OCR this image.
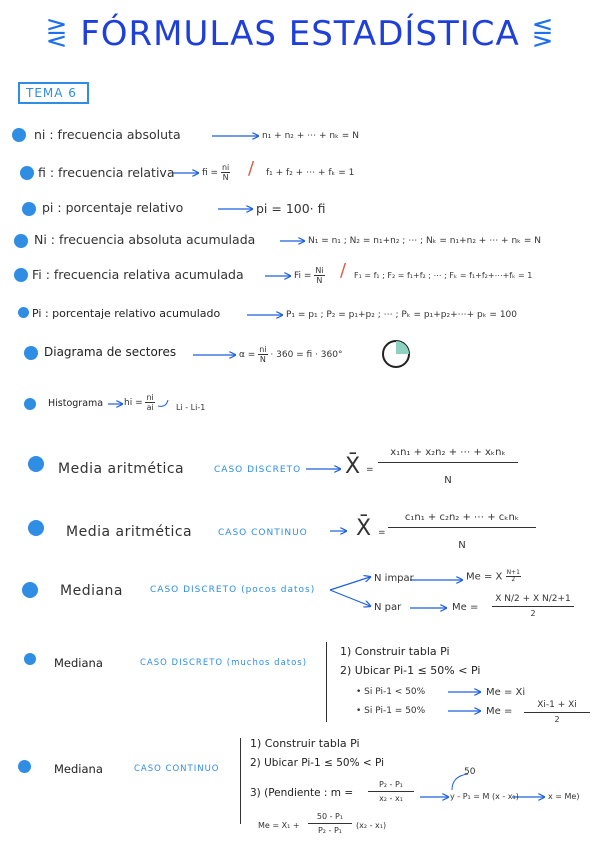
⋛ FÓRMULAS ESTADÍSTICA ⋚
TEMA 6
ni : frecuencia absoluta	n₁ + n₂ + ⋯ + nₖ = N
fi : frecuencia relativa	fi = $\frac{ni}{N} / f_1 + f_2$ + ⋯ + fₖ = 1
pi : porcentaje relativo	pi = 100· fi
Ni : frecuencia absoluta acumulada	N₁ = n₁ ; N₂ = n₁+n₂ ; ⋯ ; Nₖ = n₁+n₂ + ⋯ + nₖ = N
Fi : frecuencia relativa acumulada	$Fi = \frac{Ni}{N} / F_1 = f_1$ ; F₂ = f₁+f₂ ; ⋯ ; Fₖ = f₁+f₂+⋯+fₖ = 1
Pi : porcentaje relativo acumulado	P₁ = p₁ ; P₂ = p₁+p₂ ; ⋯ ; Pₖ = p₁+p₂+⋯+ pₖ = 100
Diagrama de sectores	$\alpha = \frac{ni}{N} \cdot 360$ = fi · 360°
Histograma hi = $\frac{ni}{ai}$	Li - Li-1
Media aritmética	CASO DISCRETO X̄ =
x₁n₁ + x₂n₂ + ⋯ + xₖnₖ
N
Media aritmética	CASO CONTINUO X̄ =
c₁n₁ + c₂n₂ + ⋯ + cₖnₖ
N
Mediana	CASO DISCRETO (pocos datos)
N impar	Me = X $\frac{N+1}{2}$
N par	Me =
X N/2 + X N/2+1
2
Mediana	CASO DISCRETO (muchos datos)
1) Construir tabla Pi
2) Ubicar Pi-1 ≤ 50% < Pi
• Si Pi-1 < 50%	Me = Xi
• Si Pi-1 = 50%	Me =
Xi-1 + Xi
2
Mediana	CASO CONTINUO
1) Construir tabla Pi
2) Ubicar Pi-1 ≤ 50% < Pi
3) (Pendiente : m =
P₂ - P₁
x₂ - x₁
50
y - P₁ = M (x - x₁)	x = Me)
Me = X₁ +
50 - P₁
P₂ - P₁
(x₂ - x₁)
